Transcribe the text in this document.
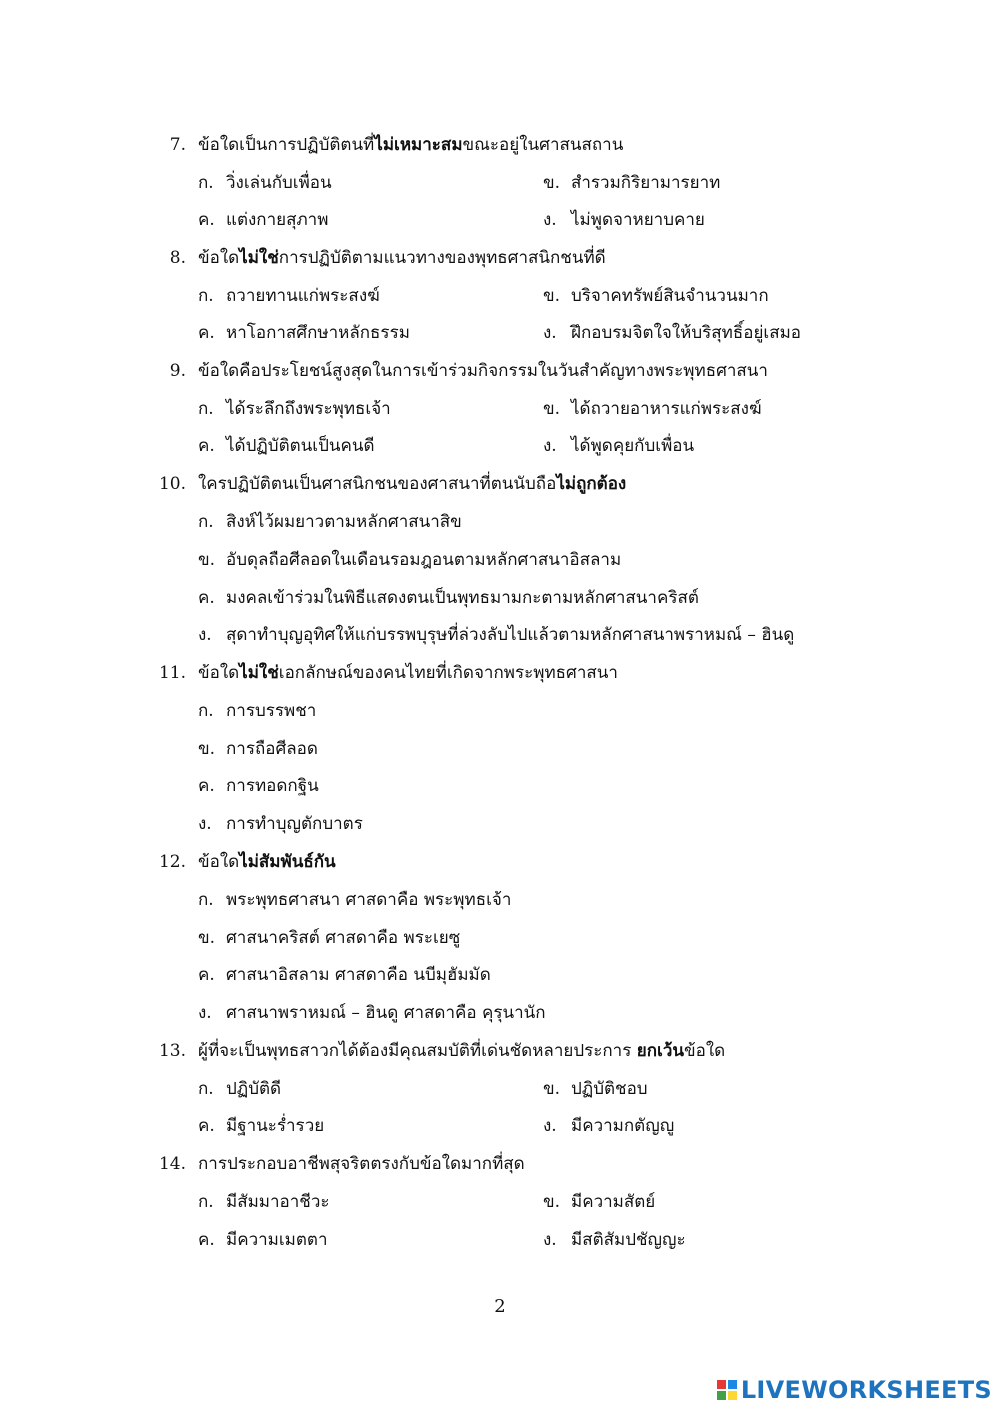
7. ข้อใดเป็นการปฏิบัติตนที่ไม่เหมาะสมขณะอยู่ในศาสนสถาน
ก. วิ่งเล่นกับเพื่อน	ข. สำรวมกิริยามารยาท
ค. แต่งกายสุภาพ	ง. ไม่พูดจาหยาบคาย
8. ข้อใดไม่ใช่การปฏิบัติตามแนวทางของพุทธศาสนิกชนที่ดี
ก. ถวายทานแก่พระสงฆ์	ข. บริจาคทรัพย์สินจำนวนมาก
ค. หาโอกาสศึกษาหลักธรรม	ง. ฝึกอบรมจิตใจให้บริสุทธิ์อยู่เสมอ
9. ข้อใดคือประโยชน์สูงสุดในการเข้าร่วมกิจกรรมในวันสำคัญทางพระพุทธศาสนา
ก. ได้ระลึกถึงพระพุทธเจ้า	ข. ได้ถวายอาหารแก่พระสงฆ์
ค. ได้ปฏิบัติตนเป็นคนดี	ง. ได้พูดคุยกับเพื่อน
10. ใครปฏิบัติตนเป็นศาสนิกชนของศาสนาที่ตนนับถือไม่ถูกต้อง
ก. สิงห์ไว้ผมยาวตามหลักศาสนาสิข
ข. อับดุลถือศีลอดในเดือนรอมฎอนตามหลักศาสนาอิสลาม
ค. มงคลเข้าร่วมในพิธีแสดงตนเป็นพุทธมามกะตามหลักศาสนาคริสต์
ง. สุดาทำบุญอุทิศให้แก่บรรพบุรุษที่ล่วงลับไปแล้วตามหลักศาสนาพราหมณ์ – ฮินดู
11. ข้อใดไม่ใช่เอกลักษณ์ของคนไทยที่เกิดจากพระพุทธศาสนา
ก. การบรรพชา
ข. การถือศีลอด
ค. การทอดกฐิน
ง. การทำบุญตักบาตร
12. ข้อใดไม่สัมพันธ์กัน
ก. พระพุทธศาสนา ศาสดาคือ พระพุทธเจ้า
ข. ศาสนาคริสต์ ศาสดาคือ พระเยซู
ค. ศาสนาอิสลาม ศาสดาคือ นบีมุฮัมมัด
ง. ศาสนาพราหมณ์ – ฮินดู ศาสดาคือ คุรุนานัก
13. ผู้ที่จะเป็นพุทธสาวกได้ต้องมีคุณสมบัติที่เด่นชัดหลายประการ ยกเว้นข้อใด
ก. ปฏิบัติดี	ข. ปฏิบัติชอบ
ค. มีฐานะร่ำรวย	ง. มีความกตัญญู
14. การประกอบอาชีพสุจริตตรงกับข้อใดมากที่สุด
ก. มีสัมมาอาชีวะ	ข. มีความสัตย์
ค. มีความเมตตา	ง. มีสติสัมปชัญญะ
2
LIVEWORKSHEETS
